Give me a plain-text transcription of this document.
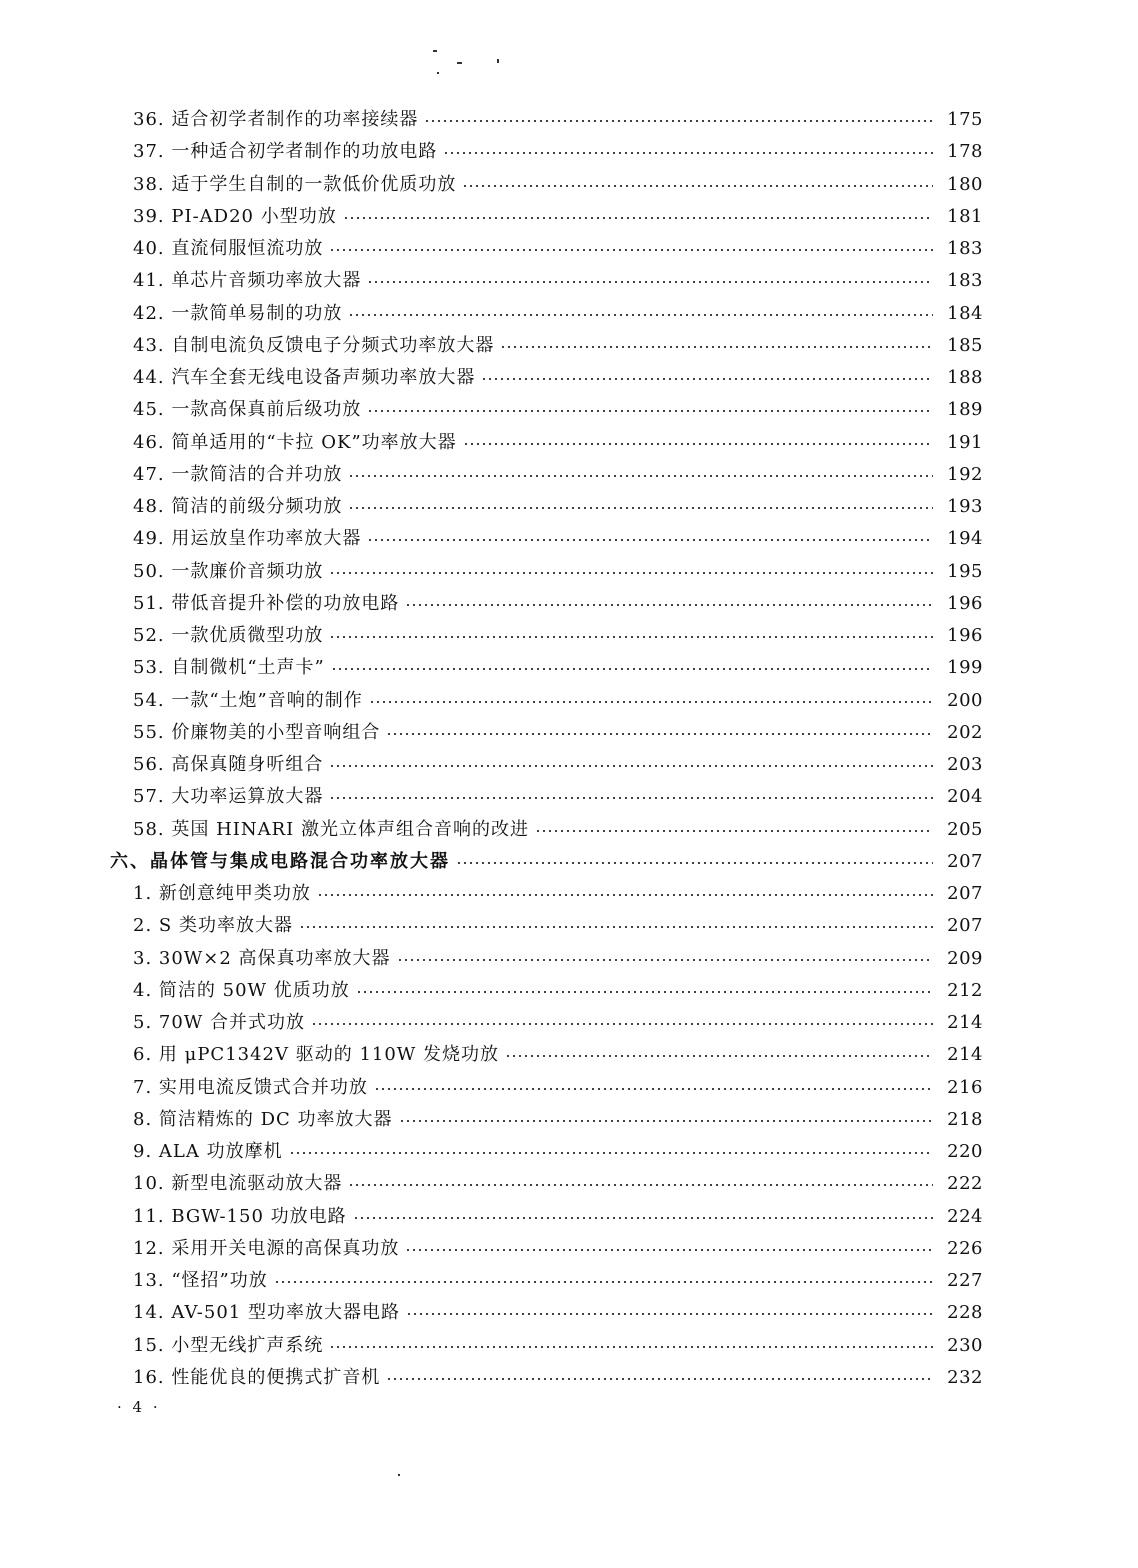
36. 适合初学者制作的功率接续器	175
37. 一种适合初学者制作的功放电路	178
38. 适于学生自制的一款低价优质功放	180
39. PI-AD20 小型功放	181
40. 直流伺服恒流功放	183
41. 单芯片音频功率放大器	183
42. 一款简单易制的功放	184
43. 自制电流负反馈电子分频式功率放大器	185
44. 汽车全套无线电设备声频功率放大器	188
45. 一款高保真前后级功放	189
46. 简单适用的“卡拉 OK”功率放大器	191
47. 一款简洁的合并功放	192
48. 简洁的前级分频功放	193
49. 用运放皇作功率放大器	194
50. 一款廉价音频功放	195
51. 带低音提升补偿的功放电路	196
52. 一款优质微型功放	196
53. 自制微机“土声卡”	199
54. 一款“土炮”音响的制作	200
55. 价廉物美的小型音响组合	202
56. 高保真随身听组合	203
57. 大功率运算放大器	204
58. 英国 HINARI 激光立体声组合音响的改进	205
六、晶体管与集成电路混合功率放大器	207
1. 新创意纯甲类功放	207
2. S 类功率放大器	207
3. 30W×2 高保真功率放大器	209
4. 简洁的 50W 优质功放	212
5. 70W 合并式功放	214
6. 用 μPC1342V 驱动的 110W 发烧功放	214
7. 实用电流反馈式合并功放	216
8. 简洁精炼的 DC 功率放大器	218
9. ALA 功放摩机	220
10. 新型电流驱动放大器	222
11. BGW-150 功放电路	224
12. 采用开关电源的高保真功放	226
13. “怪招”功放	227
14. AV-501 型功率放大器电路	228
15. 小型无线扩声系统	230
16. 性能优良的便携式扩音机	232
· 4 ·
